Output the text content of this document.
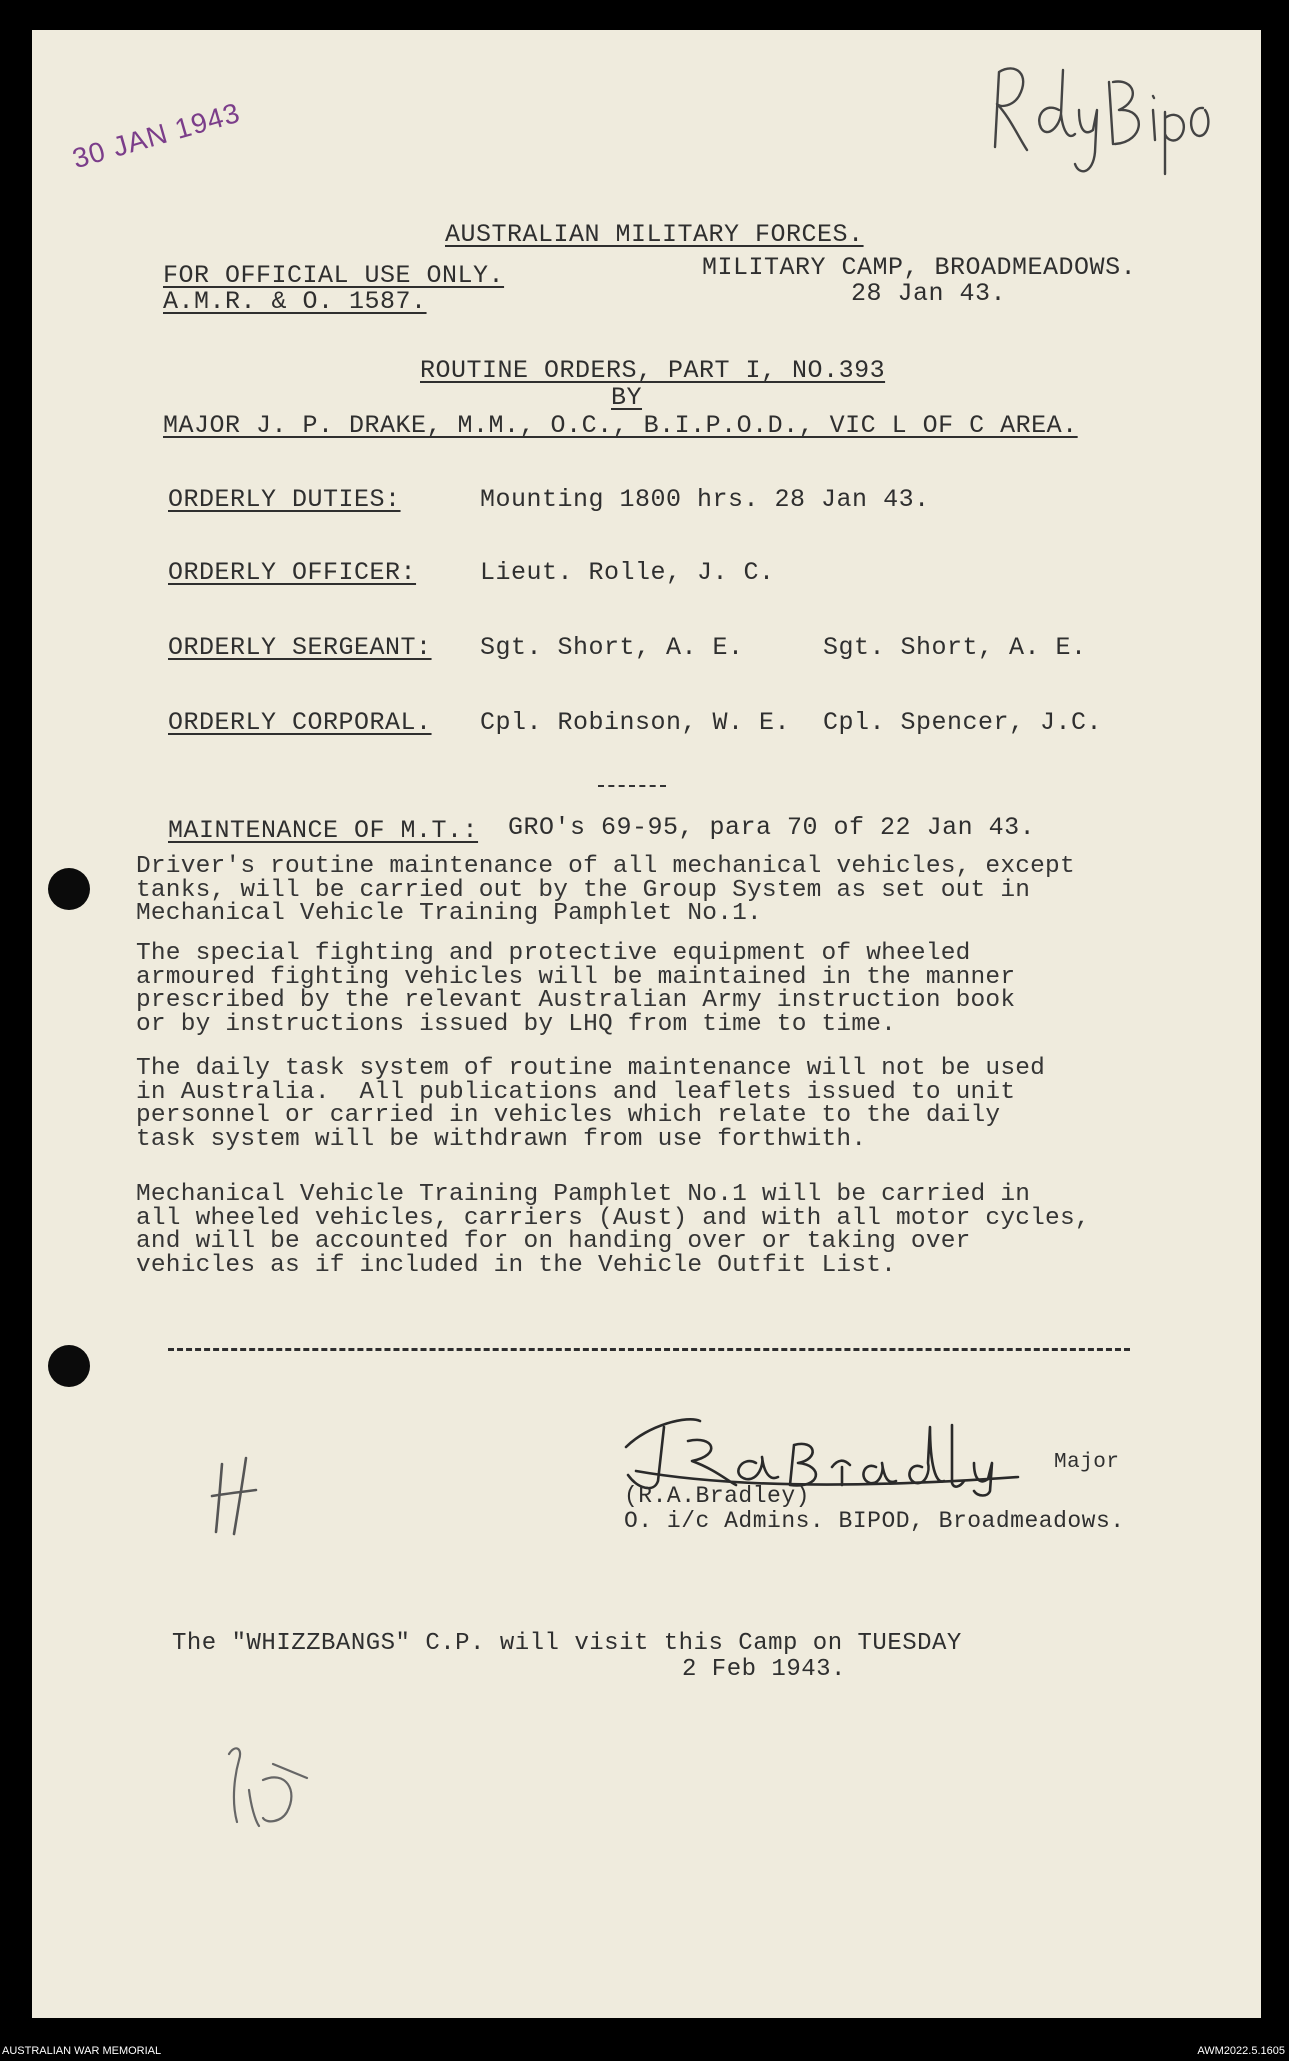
30 JAN 1943
AUSTRALIAN MILITARY FORCES.
FOR OFFICIAL USE ONLY.
A.M.R. & O. 1587.
MILITARY CAMP, BROADMEADOWS.
28 Jan 43.
ROUTINE ORDERS, PART I, NO.393
BY
MAJOR J. P. DRAKE, M.M., O.C., B.I.P.O.D., VIC L OF C AREA.
ORDERLY DUTIES:	Mounting 1800 hrs. 28 Jan 43.
ORDERLY OFFICER:	Lieut. Rolle, J. C.
ORDERLY SERGEANT: Sgt. Short, A. E.	Sgt. Short, A. E.
ORDERLY CORPORAL. Cpl. Robinson, W. E. Cpl. Spencer, J.C.
MAINTENANCE OF M.T.: GRO's 69-95, para 70 of 22 Jan 43.
Driver's routine maintenance of all mechanical vehicles, except
tanks, will be carried out by the Group System as set out in
Mechanical Vehicle Training Pamphlet No.1.
The special fighting and protective equipment of wheeled
armoured fighting vehicles will be maintained in the manner
prescribed by the relevant Australian Army instruction book
or by instructions issued by LHQ from time to time.
The daily task system of routine maintenance will not be used
in Australia.  All publications and leaflets issued to unit
personnel or carried in vehicles which relate to the daily
task system will be withdrawn from use forthwith.
Mechanical Vehicle Training Pamphlet No.1 will be carried in
all wheeled vehicles, carriers (Aust) and with all motor cycles,
and will be accounted for on handing over or taking over
vehicles as if included in the Vehicle Outfit List.
Major
(R.A.Bradley)
O. i/c Admins. BIPOD, Broadmeadows.
The "WHIZZBANGS" C.P. will visit this Camp on TUESDAY
2 Feb 1943.
AUSTRALIAN WAR MEMORIAL	AWM2022.5.1605
